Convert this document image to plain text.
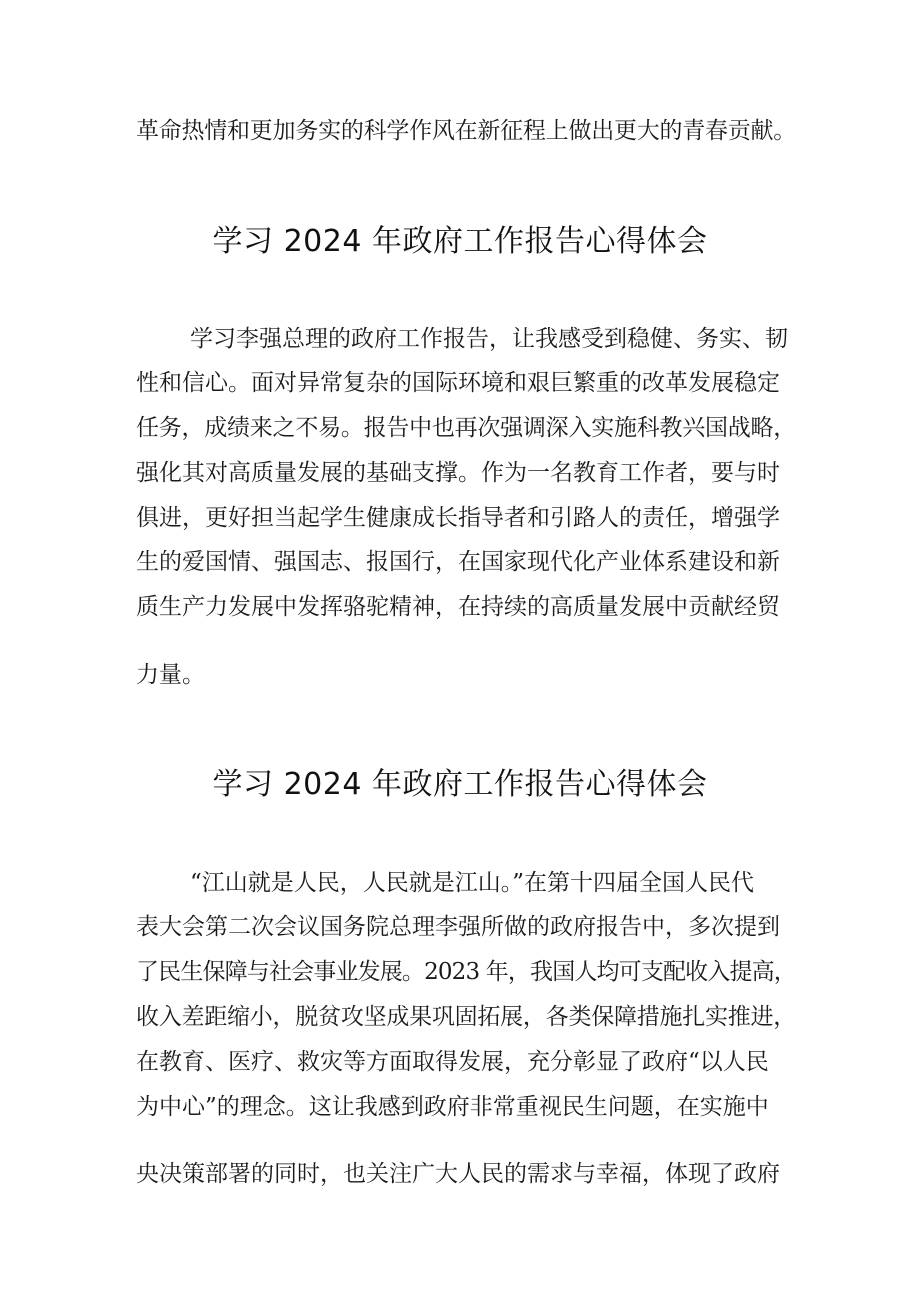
革命热情和更加务实的科学作风在新征程上做出更大的青春贡献。
学习 2024 年政府工作报告心得体会
学习李强总理的政府工作报告，让我感受到稳健、务实、韧
性和信心。面对异常复杂的国际环境和艰巨繁重的改革发展稳定
任务，成绩来之不易。报告中也再次强调深入实施科教兴国战略，
强化其对高质量发展的基础支撑。作为一名教育工作者，要与时
俱进，更好担当起学生健康成长指导者和引路人的责任，增强学
生的爱国情、强国志、报国行，在国家现代化产业体系建设和新
质生产力发展中发挥骆驼精神，在持续的高质量发展中贡献经贸
力量。
学习 2024 年政府工作报告心得体会
“江山就是人民，人民就是江山。”在第十四届全国人民代
表大会第二次会议国务院总理李强所做的政府报告中，多次提到
了民生保障与社会事业发展。2023 年，我国人均可支配收入提高，
收入差距缩小，脱贫攻坚成果巩固拓展，各类保障措施扎实推进，
在教育、医疗、救灾等方面取得发展，充分彰显了政府“以人民
为中心”的理念。这让我感到政府非常重视民生问题，在实施中
央决策部署的同时，也关注广大人民的需求与幸福，体现了政府
